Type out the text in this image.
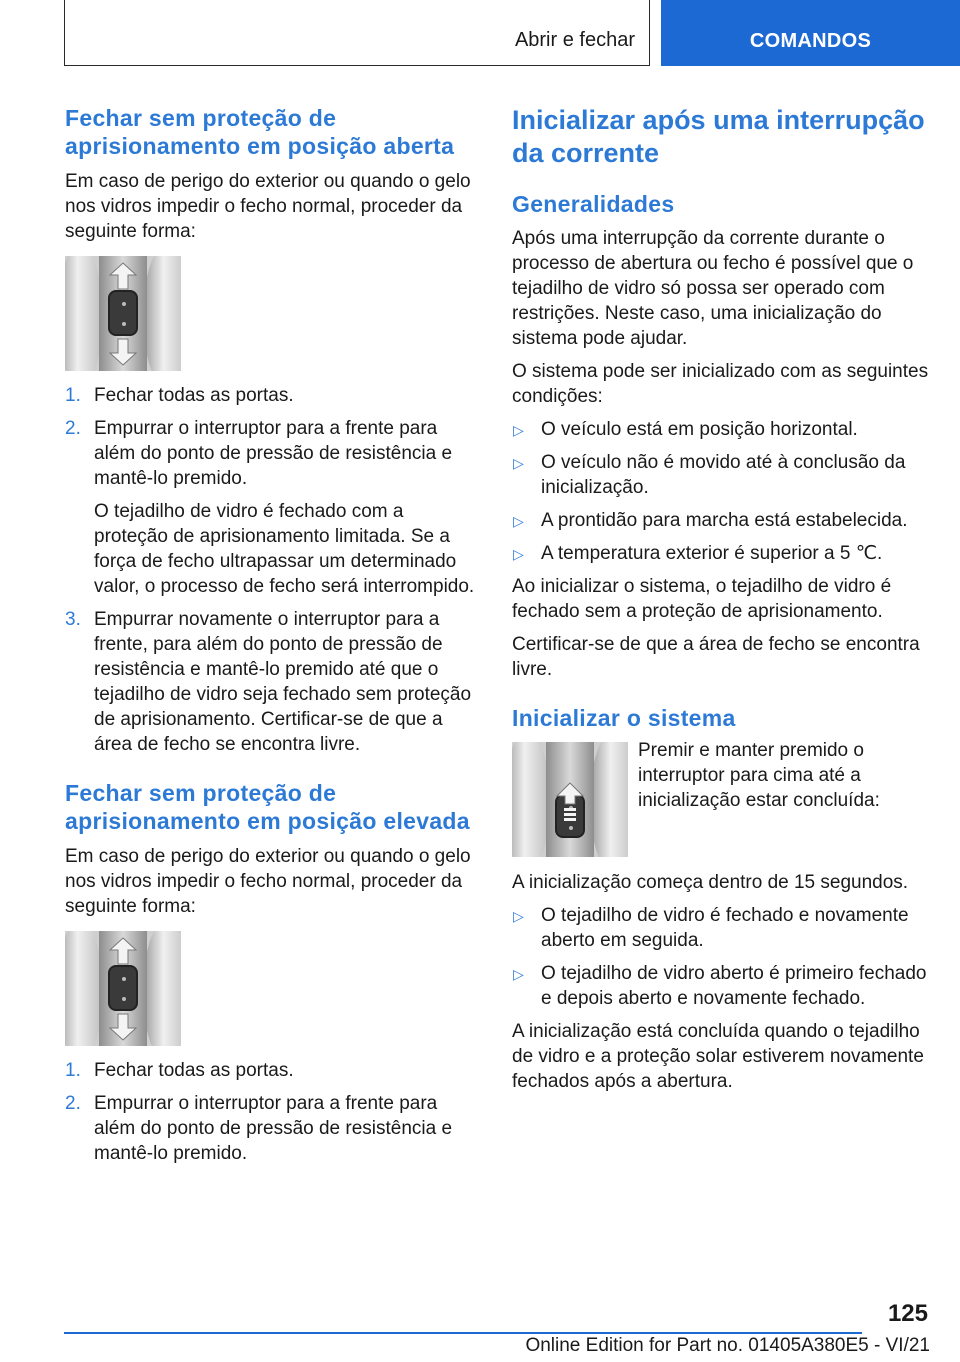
Abrir e fechar	COMANDOS
Fechar sem proteção de aprisionamento em posição aberta

Em caso de perigo do exterior ou quando o gelo nos vidros impedir o fecho normal, proceder da seguinte forma:

1. Fechar todas as portas.
2. Empurrar o interruptor para a frente para além do ponto de pressão de resistência e mantê-lo premido.
O tejadilho de vidro é fechado com a proteção de aprisionamento limitada. Se a força de fecho ultrapassar um determinado valor, o processo de fecho será interrompido.
3. Empurrar novamente o interruptor para a frente, para além do ponto de pressão de resistência e mantê-lo premido até que o tejadilho de vidro seja fechado sem proteção de aprisionamento. Certificar-se de que a área de fecho se encontra livre.
Fechar sem proteção de aprisionamento em posição elevada

Em caso de perigo do exterior ou quando o gelo nos vidros impedir o fecho normal, proceder da seguinte forma:

1. Fechar todas as portas.
2. Empurrar o interruptor para a frente para além do ponto de pressão de resistência e mantê-lo premido.
Inicializar após uma interrupção da corrente
Generalidades

Após uma interrupção da corrente durante o processo de abertura ou fecho é possível que o tejadilho de vidro só possa ser operado com restrições. Neste caso, uma inicialização do sistema pode ajudar.

O sistema pode ser inicializado com as seguintes condições:

▷ O veículo está em posição horizontal.
▷ O veículo não é movido até à conclusão da inicialização.
▷ A prontidão para marcha está estabelecida.
▷ A temperatura exterior é superior a 5 ℃.

Ao inicializar o sistema, o tejadilho de vidro é fechado sem a proteção de aprisionamento.

Certificar-se de que a área de fecho se encontra livre.

Inicializar o sistema

Premir e manter premido o interruptor para cima até a inicialização estar concluída:

A inicialização começa dentro de 15 segundos.

▷ O tejadilho de vidro é fechado e novamente aberto em seguida.
▷ O tejadilho de vidro aberto é primeiro fechado e depois aberto e novamente fechado.

A inicialização está concluída quando o tejadilho de vidro e a proteção solar estiverem novamente fechados após a abertura.

125
Online Edition for Part no. 01405A380E5 - VI/21
